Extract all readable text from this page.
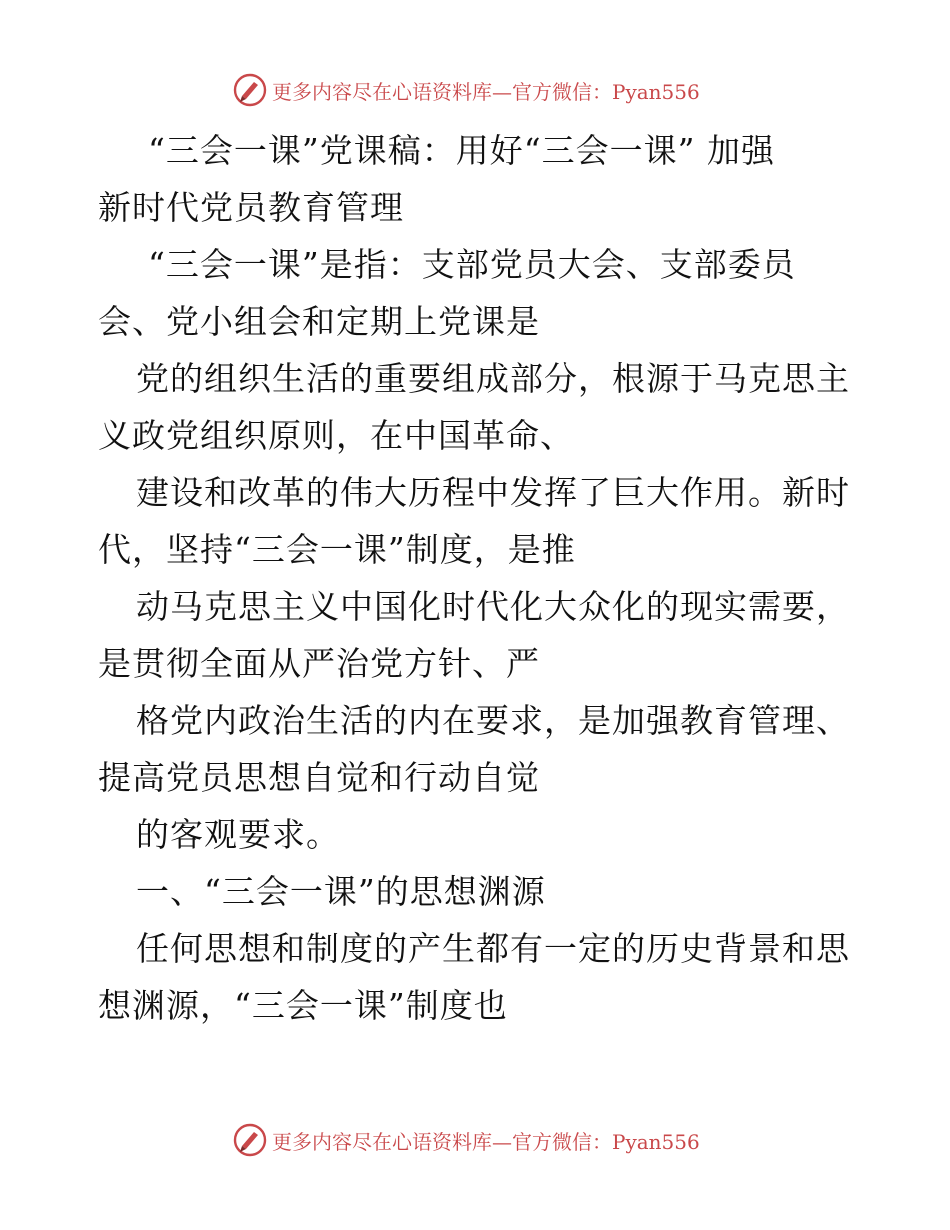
更多内容尽在心语资料库—官方微信：Pyan556
“三会一课”党课稿：用好“三会一课” 加强
新时代党员教育管理
“三会一课”是指：支部党员大会、支部委员
会、党小组会和定期上党课是
党的组织生活的重要组成部分，根源于马克思主
义政党组织原则，在中国革命、
建设和改革的伟大历程中发挥了巨大作用。新时
代，坚持“三会一课”制度，是推
动马克思主义中国化时代化大众化的现实需要，
是贯彻全面从严治党方针、严
格党内政治生活的内在要求，是加强教育管理、
提高党员思想自觉和行动自觉
的客观要求。
一、“三会一课”的思想渊源
任何思想和制度的产生都有一定的历史背景和思
想渊源，“三会一课”制度也
更多内容尽在心语资料库—官方微信：Pyan556
